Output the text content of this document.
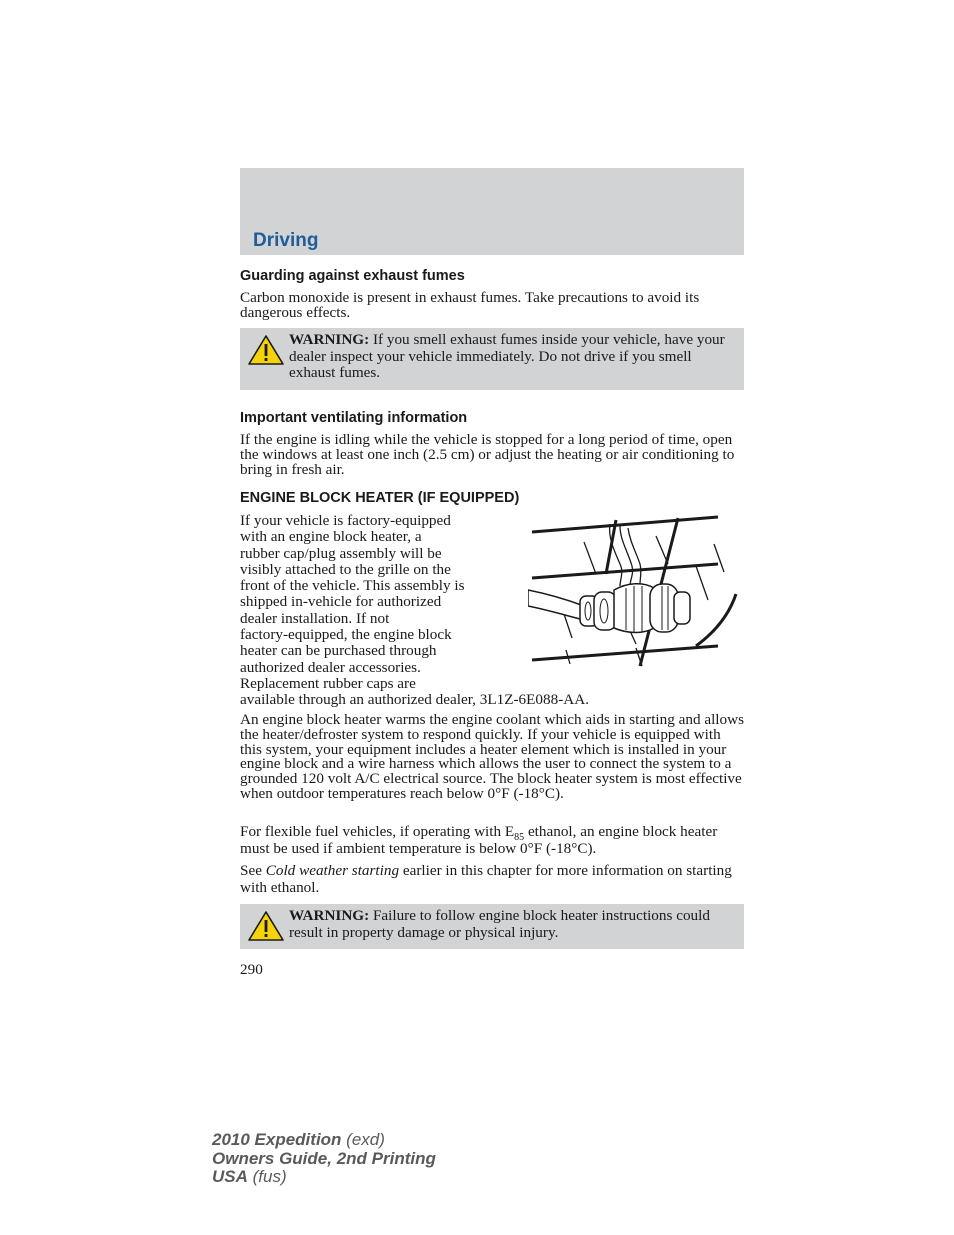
Driving
Guarding against exhaust fumes

Carbon monoxide is present in exhaust fumes. Take precautions to avoid its dangerous effects.

WARNING: If you smell exhaust fumes inside your vehicle, have your dealer inspect your vehicle immediately. Do not drive if you smell exhaust fumes.
Important ventilating information

If the engine is idling while the vehicle is stopped for a long period of time, open the windows at least one inch (2.5 cm) or adjust the heating or air conditioning to bring in fresh air.

ENGINE BLOCK HEATER (IF EQUIPPED)
If your vehicle is factory-equipped
with an engine block heater, a
rubber cap/plug assembly will be
visibly attached to the grille on the
front of the vehicle. This assembly is
shipped in-vehicle for authorized
dealer installation. If not
factory-equipped, the engine block
heater can be purchased through
authorized dealer accessories.
Replacement rubber caps are
available through an authorized dealer, 3L1Z-6E088-AA.

An engine block heater warms the engine coolant which aids in starting and allows the heater/defroster system to respond quickly. If your vehicle is equipped with this system, your equipment includes a heater element which is installed in your engine block and a wire harness which allows the user to connect the system to a grounded 120 volt A/C electrical source. The block heater system is most effective when outdoor temperatures reach below 0°F (-18°C).

For flexible fuel vehicles, if operating with $E_{85}$ ethanol, an engine block heater must be used if ambient temperature is below 0°F (-18°C).

See Cold weather starting earlier in this chapter for more information on starting with ethanol.

WARNING: Failure to follow engine block heater instructions could result in property damage or physical injury.
290
2010 Expedition (exd)
Owners Guide, 2nd Printing
USA (fus)
